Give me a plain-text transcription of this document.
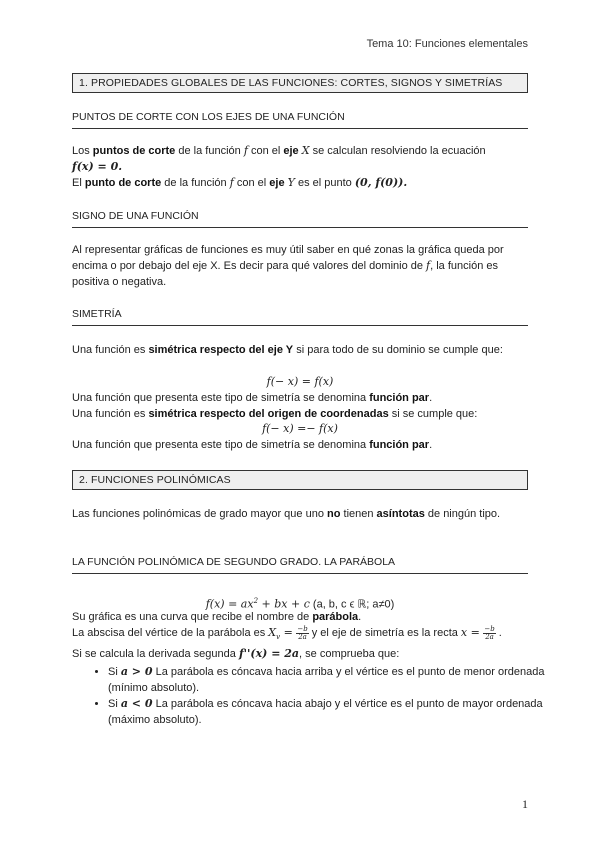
Tema 10: Funciones elementales
1. PROPIEDADES GLOBALES DE LAS FUNCIONES: CORTES, SIGNOS Y SIMETRÍAS
PUNTOS DE CORTE CON LOS EJES DE UNA FUNCIÓN
Los puntos de corte de la función f con el eje X se calculan resolviendo la ecuación
f(x) = 0.
El punto de corte de la función f con el eje Y es el punto (0, f(0)).
SIGNO DE UNA FUNCIÓN
Al representar gráficas de funciones es muy útil saber en qué zonas la gráfica queda por encima o por debajo del eje X. Es decir para qué valores del dominio de f, la función es positiva o negativa.
SIMETRÍA
Una función es simétrica respecto del eje Y si para todo de su dominio se cumple que:
f(− x) = f(x)
Una función que presenta este tipo de simetría se denomina función par.
Una función es simétrica respecto del origen de coordenadas si se cumple que:
f(− x) =− f(x)
Una función que presenta este tipo de simetría se denomina función par.
2. FUNCIONES POLINÓMICAS
Las funciones polinómicas de grado mayor que uno no tienen asíntotas de ningún tipo.
LA FUNCIÓN POLINÓMICA DE SEGUNDO GRADO. LA PARÁBOLA
$f(x) = ax^2$ + bx + c (a, b, c ϵ ℝ; a≠0)
Su gráfica es una curva que recibe el nombre de parábola.
La abscisa del vértice de la parábola es $X_v = \frac{-b}{2a}$ y el eje de simetría es la recta $x = \frac{-b}{2a}$ .
Si se calcula la derivada segunda f''(x) = 2a, se comprueba que:
• Si a > 0 La parábola es cóncava hacia arriba y el vértice es el punto de menor ordenada (mínimo absoluto).
• Si a < 0 La parábola es cóncava hacia abajo y el vértice es el punto de mayor ordenada (máximo absoluto).
1
